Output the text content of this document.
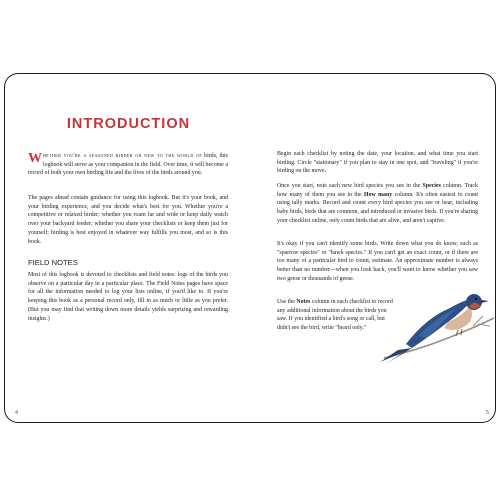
INTRODUCTION
W hether you're a seasoned birder or new to the world of birds, this logbook will serve as your companion in the field. Over time, it will become a record of both your own birding life and the lives of the birds around you.

The pages ahead contain guidance for using this logbook. But it's your book, and your birding experience, and you decide what's best for you. Whether you're a competitive or relaxed birder; whether you roam far and wide or keep daily watch over your backyard feeder; whether you share your checklists or keep them just for yourself; birding is best enjoyed in whatever way fulfills you most, and so is this book.

FIELD NOTES

Most of this logbook is devoted to checklists and field notes: logs of the birds you observe on a particular day in a particular place. The Field Notes pages have space for all the information needed to log your lists online, if you'd like to. If you're keeping this book as a personal record only, fill in as much or little as you prefer. (But you may find that writing down more details yields surprising and rewarding insights.)

4

Begin each checklist by noting the date, your location, and what time you start birding. Circle "stationary" if you plan to stay in one spot, and "traveling" if you're birding on the move.

Once you start, note each new bird species you see in the Species column. Track how many of them you see in the How many column. It's often easiest to count using tally marks. Record and count every bird species you see or hear, including baby birds, birds that are common, and introduced or invasive birds. If you're sharing your checklist online, only count birds that are alive, and aren't captive.

It's okay if you can't identify some birds. Write down what you do know, such as "sparrow species" or "hawk species." If you can't get an exact count, or if there are too many of a particular bird to count, estimate. An approximate number is always better than no number—when you look back, you'll want to know whether you saw two geese or thousands of geese.

Use the Notes column in each checklist to record any additional information about the birds you saw. If you identified a bird's song or call, but didn't see the bird, write "heard only."

5
